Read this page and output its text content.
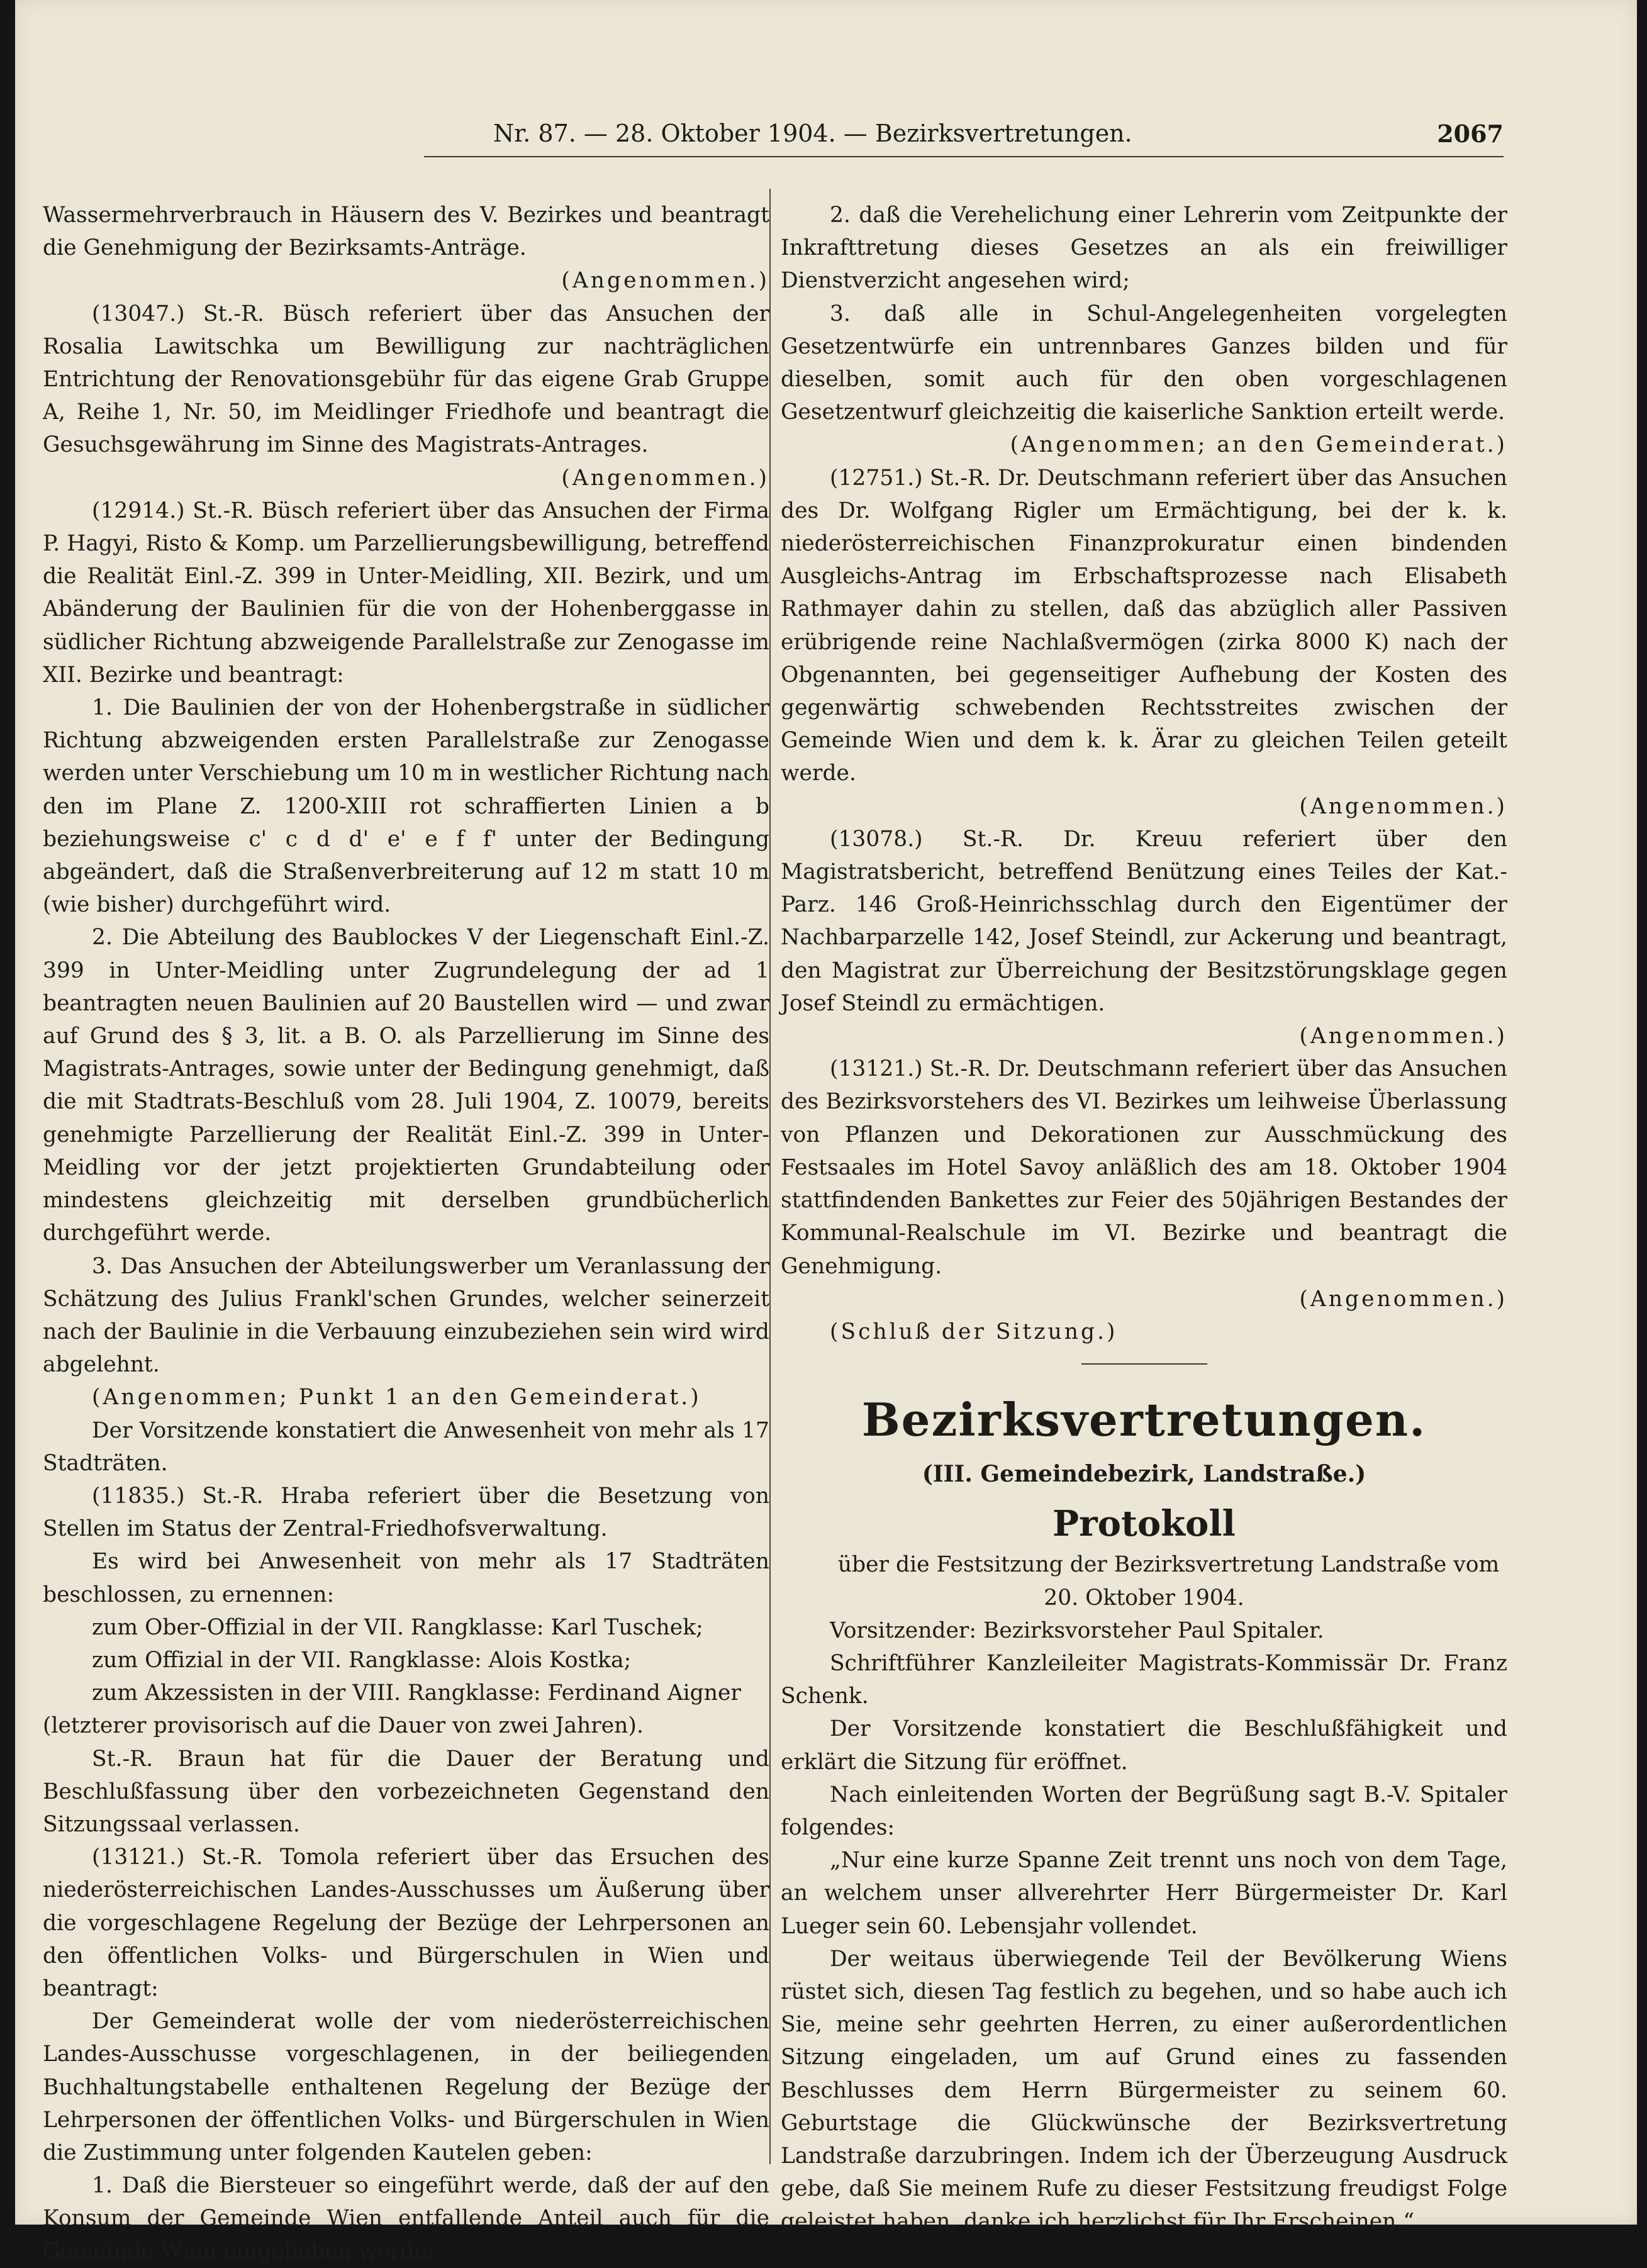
Nr. 87. — 28. Oktober 1904. — Bezirksvertretungen.	2067

Wassermehrverbrauch in Häusern des V. Bezirkes und beantragt die Genehmigung der Bezirksamts-Anträge.

(Angenommen.)

(13047.) St.-R. Büsch referiert über das Ansuchen der Rosalia Lawitschka um Bewilligung zur nachträglichen Entrichtung der Renovationsgebühr für das eigene Grab Gruppe A, Reihe 1, Nr. 50, im Meidlinger Friedhofe und beantragt die Gesuchsgewährung im Sinne des Magistrats-Antrages.

(Angenommen.)

(12914.) St.-R. Büsch referiert über das Ansuchen der Firma P. Hagyi, Risto & Komp. um Parzellierungsbewilligung, betreffend die Realität Einl.-Z. 399 in Unter-Meidling, XII. Bezirk, und um Abänderung der Baulinien für die von der Hohenberggasse in südlicher Richtung abzweigende Parallelstraße zur Zenogasse im XII. Bezirke und beantragt:

1. Die Baulinien der von der Hohenbergstraße in südlicher Richtung abzweigenden ersten Parallelstraße zur Zenogasse werden unter Verschiebung um 10 m in westlicher Richtung nach den im Plane Z. 1200-XIII rot schraffierten Linien a b beziehungsweise c' c d d' e' e f f' unter der Bedingung abgeändert, daß die Straßenverbreiterung auf 12 m statt 10 m (wie bisher) durchgeführt wird.

2. Die Abteilung des Baublockes V der Liegenschaft Einl.-Z. 399 in Unter-Meidling unter Zugrundelegung der ad 1 beantragten neuen Baulinien auf 20 Baustellen wird — und zwar auf Grund des § 3, lit. a B. O. als Parzellierung im Sinne des Magistrats-Antrages, sowie unter der Bedingung genehmigt, daß die mit Stadtrats-Beschluß vom 28. Juli 1904, Z. 10079, bereits genehmigte Parzellierung der Realität Einl.-Z. 399 in Unter-Meidling vor der jetzt projektierten Grundabteilung oder mindestens gleichzeitig mit derselben grundbücherlich durchgeführt werde.

3. Das Ansuchen der Abteilungswerber um Veranlassung der Schätzung des Julius Frankl'schen Grundes, welcher seinerzeit nach der Baulinie in die Verbauung einzubeziehen sein wird wird abgelehnt.

(Angenommen; Punkt 1 an den Gemeinderat.)

Der Vorsitzende konstatiert die Anwesenheit von mehr als 17 Stadträten.

(11835.) St.-R. Hraba referiert über die Besetzung von Stellen im Status der Zentral-Friedhofsverwaltung.

Es wird bei Anwesenheit von mehr als 17 Stadträten beschlossen, zu ernennen:

zum Ober-Offizial in der VII. Rangklasse: Karl Tuschek;

zum Offizial in der VII. Rangklasse: Alois Kostka;

zum Akzessisten in der VIII. Rangklasse: Ferdinand Aigner

(letzterer provisorisch auf die Dauer von zwei Jahren).

St.-R. Braun hat für die Dauer der Beratung und Beschlußfassung über den vorbezeichneten Gegenstand den Sitzungssaal verlassen.

(13121.) St.-R. Tomola referiert über das Ersuchen des niederösterreichischen Landes-Ausschusses um Äußerung über die vorgeschlagene Regelung der Bezüge der Lehrpersonen an den öffentlichen Volks- und Bürgerschulen in Wien und beantragt:

Der Gemeinderat wolle der vom niederösterreichischen Landes-Ausschusse vorgeschlagenen, in der beiliegenden Buchhaltungstabelle enthaltenen Regelung der Bezüge der Lehrpersonen der öffentlichen Volks- und Bürgerschulen in Wien die Zustimmung unter folgenden Kautelen geben:

1. Daß die Biersteuer so eingeführt werde, daß der auf den Konsum der Gemeinde Wien entfallende Anteil auch für die Gemeinde Wien eingehoben werde;

2. daß die Verehelichung einer Lehrerin vom Zeitpunkte der Inkrafttretung dieses Gesetzes an als ein freiwilliger Dienstverzicht angesehen wird;

3. daß alle in Schul-Angelegenheiten vorgelegten Gesetzentwürfe ein untrennbares Ganzes bilden und für dieselben, somit auch für den oben vorgeschlagenen Gesetzentwurf gleichzeitig die kaiserliche Sanktion erteilt werde.

(Angenommen; an den Gemeinderat.)

(12751.) St.-R. Dr. Deutschmann referiert über das Ansuchen des Dr. Wolfgang Rigler um Ermächtigung, bei der k. k. niederösterreichischen Finanzprokuratur einen bindenden Ausgleichs-Antrag im Erbschaftsprozesse nach Elisabeth Rathmayer dahin zu stellen, daß das abzüglich aller Passiven erübrigende reine Nachlaßvermögen (zirka 8000 K) nach der Obgenannten, bei gegenseitiger Aufhebung der Kosten des gegenwärtig schwebenden Rechtsstreites zwischen der Gemeinde Wien und dem k. k. Ärar zu gleichen Teilen geteilt werde.

(Angenommen.)

(13078.) St.-R. Dr. Kreuu referiert über den Magistratsbericht, betreffend Benützung eines Teiles der Kat.-Parz. 146 Groß-Heinrichsschlag durch den Eigentümer der Nachbarparzelle 142, Josef Steindl, zur Ackerung und beantragt, den Magistrat zur Überreichung der Besitzstörungsklage gegen Josef Steindl zu ermächtigen.

(Angenommen.)

(13121.) St.-R. Dr. Deutschmann referiert über das Ansuchen des Bezirksvorstehers des VI. Bezirkes um leihweise Überlassung von Pflanzen und Dekorationen zur Ausschmückung des Festsaales im Hotel Savoy anläßlich des am 18. Oktober 1904 stattfindenden Bankettes zur Feier des 50jährigen Bestandes der Kommunal-Realschule im VI. Bezirke und beantragt die Genehmigung.

(Angenommen.)

(Schluß der Sitzung.)

Bezirksvertretungen.
(III. Gemeindebezirk, Landstraße.)
Protokoll

über die Festsitzung der Bezirksvertretung Landstraße vom 20. Oktober 1904.

Vorsitzender: Bezirksvorsteher Paul Spitaler.

Schriftführer Kanzleileiter Magistrats-Kommissär Dr. Franz Schenk.

Der Vorsitzende konstatiert die Beschlußfähigkeit und erklärt die Sitzung für eröffnet.

Nach einleitenden Worten der Begrüßung sagt B.-V. Spitaler folgendes:

„Nur eine kurze Spanne Zeit trennt uns noch von dem Tage, an welchem unser allverehrter Herr Bürgermeister Dr. Karl Lueger sein 60. Lebensjahr vollendet.

Der weitaus überwiegende Teil der Bevölkerung Wiens rüstet sich, diesen Tag festlich zu begehen, und so habe auch ich Sie, meine sehr geehrten Herren, zu einer außerordentlichen Sitzung eingeladen, um auf Grund eines zu fassenden Beschlusses dem Herrn Bürgermeister zu seinem 60. Geburtstage die Glückwünsche der Bezirksvertretung Landstraße darzubringen. Indem ich der Überzeugung Ausdruck gebe, daß Sie meinem Rufe zu dieser Festsitzung freudigst Folge geleistet haben, danke ich herzlichst für Ihr Erscheinen.“
